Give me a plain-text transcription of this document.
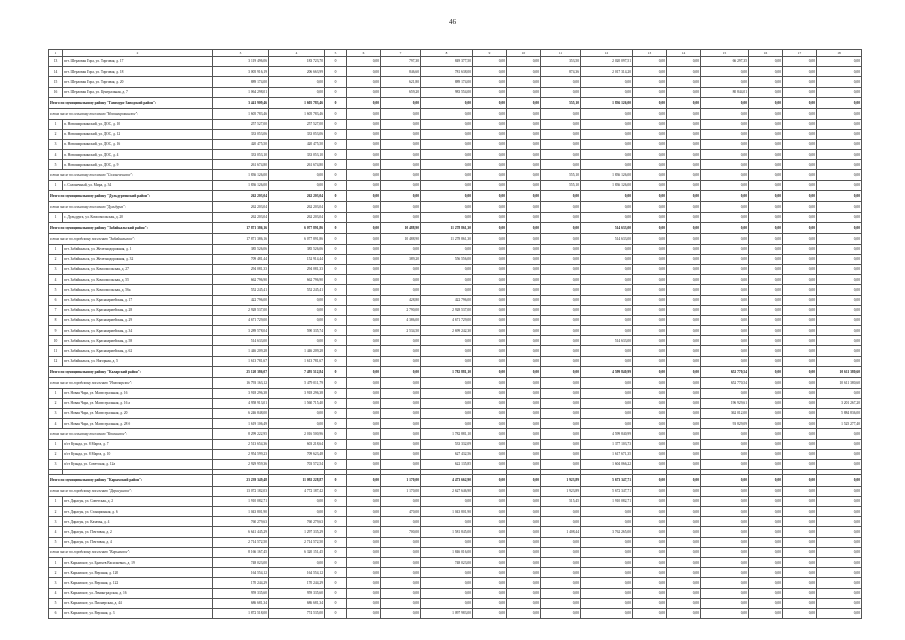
46
1	2	3	4	5	6	7	8	9	10	11	12	13	14	15	16	17	18
13	пгт. Шерловая Гора, ул. Торговая, д. 17	3 119 496,06	183 723,70	0	0,00	797,30	849 377,50	0,00	0,00	353,50	2 020 097,51	0,00	0,00	66 297,35	0,00	0,00	0,00
14	пгт. Шерловая Гора, ул. Торговая, д. 18	3 005 916,19	206 663,99	0	0,00	846,60	781 638,00	0,00	0,00	874,36	2 017 314,20	0,00	0,00	0,00	0,00	0,00	0,00
15	пгт. Шерловая Гора, ул. Торговая, д. 20	889 174,00	0,00	0	0,00	621,80	889 174,00	0,00	0,00	0,00	0,00	0,00	0,00	0,00	0,00	0,00	0,00
16	пгт. Шерловая Гора, ул. Центральная, д. 7	1 064 298,01	0,00	0	0,00	659,20	983 554,00	0,00	0,00	0,00	0,00	0,00	0,00	80 844,01	0,00	0,00	0,00
Итого по муниципальному району "Газимуро-Заводский район":		3 441 909,46	1 605 783,46	0	0,00	0,00	0,00	0,00	0,00	555,10	1 836 126,00	0,00	0,00	0,00	0,00	0,00	0,00
в том числе по сельскому поселению "Новоширокинское":		1 605 783,46	1 605 783,46	0	0,00	0,00	0,00	0,00	0,00	0,00	0,00	0,00	0,00	0,00	0,00	0,00	0,00
1	п. Новоширокинский, ул. ДОС, д. 10	257 527,00	257 527,00	0	0,00	0,00	0,00	0,00	0,00	0,00	0,00	0,00	0,00	0,00	0,00	0,00	0,00
2	п. Новоширокинский, ул. ДОС, д. 12	333 053,06	333 053,06	0	0,00	0,00	0,00	0,00	0,00	0,00	0,00	0,00	0,00	0,00	0,00	0,00	0,00
3	п. Новоширокинский, ул. ДОС, д. 16	420 475,50	420 475,50	0	0,00	0,00	0,00	0,00	0,00	0,00	0,00	0,00	0,00	0,00	0,00	0,00	0,00
4	п. Новоширокинский, ул. ДОС, д. 4	333 053,10	333 053,10	0	0,00	0,00	0,00	0,00	0,00	0,00	0,00	0,00	0,00	0,00	0,00	0,00	0,00
5	п. Новоширокинский, ул. ДОС, д. 9	261 674,80	261 674,80	0	0,00	0,00	0,00	0,00	0,00	0,00	0,00	0,00	0,00	0,00	0,00	0,00	0,00
в том числе по сельскому поселению "Солонеченское":		1 836 126,00	0,00	0	0,00	0,00	0,00	0,00	0,00	555,10	1 836 126,00	0,00	0,00	0,00	0,00	0,00	0,00
1	с. Солонечный, ул. Мира, д. 34	1 836 126,00	0,00	0	0,00	0,00	0,00	0,00	0,00	555,10	1 836 126,00	0,00	0,00	0,00	0,00	0,00	0,00
Итого по муниципальному району "Дульдургинский район":		262 203,04	262 203,04	0	0,00	0,00	0,00	0,00	0,00	0,00	0,00	0,00	0,00	0,00	0,00	0,00	0,00
в том числе по сельскому поселению "Дульдурга":		262 203,04	262 203,04	0	0,00	0,00	0,00	0,00	0,00	0,00	0,00	0,00	0,00	0,00	0,00	0,00	0,00
1	с. Дульдурга, ул. Комсомольская, д. 20	262 203,04	262 203,04	0	0,00	0,00	0,00	0,00	0,00	0,00	0,00	0,00	0,00	0,00	0,00	0,00	0,00
Итого по муниципальному району "Забайкальский район":		17 871 386,16	6 077 891,86	0	0,00	10 488,90	11 278 861,30	0,00	0,00	0,00	514 633,00	0,00	0,00	0,00	0,00	0,00	0,00
в том числе по городскому поселению "Забайкальское":		17 871 386,16	6 077 891,86	0	0,00	10 488,90	11 278 861,30	0,00	0,00	0,00	514 633,00	0,00	0,00	0,00	0,00	0,00	0,00
1	пгт. Забайкальск, ул. Железнодорожная, д. 1	385 526,06	385 526,06	0	0,00	0,00	0,00	0,00	0,00	0,00	0,00	0,00	0,00	0,00	0,00	0,00	0,00
2	пгт. Забайкальск, ул. Железнодорожная, д. 32	709 481,44	152 914,44	0	0,00	389,20	556 556,00	0,00	0,00	0,00	0,00	0,00	0,00	0,00	0,00	0,00	0,00
3	пгт. Забайкальск, ул. Комсомольская, д. 27	294 081,33	294 081,33	0	0,00	0,00	0,00	0,00	0,00	0,00	0,00	0,00	0,00	0,00	0,00	0,00	0,00
4	пгт. Забайкальск, ул. Комсомольская, д. 55	662 796,90	662 796,90	0	0,00	0,00	0,00	0,00	0,00	0,00	0,00	0,00	0,00	0,00	0,00	0,00	0,00
5	пгт. Забайкальск, ул. Комсомольская, д. 56а	552 245,41	552 245,41	0	0,00	0,00	0,00	0,00	0,00	0,00	0,00	0,00	0,00	0,00	0,00	0,00	0,00
6	пгт. Забайкальск, ул. Красноармейская, д. 17	422 796,00	0,00	0	0,00	428,80	422 796,00	0,00	0,00	0,00	0,00	0,00	0,00	0,00	0,00	0,00	0,00
7	пгт. Забайкальск, ул. Красноармейская, д. 28	2 928 537,00	0,00	0	0,00	2 790,00	2 928 537,00	0,00	0,00	0,00	0,00	0,00	0,00	0,00	0,00	0,00	0,00
8	пгт. Забайкальск, ул. Красноармейская, д. 29	4 671 729,00	0,00	0	0,00	4 386,00	4 671 729,00	0,00	0,00	0,00	0,00	0,00	0,00	0,00	0,00	0,00	0,00
9	пгт. Забайкальск, ул. Красноармейская, д. 34	3 289 578,04	590 335,74	0	0,00	2 534,50	2 699 242,30	0,00	0,00	0,00	0,00	0,00	0,00	0,00	0,00	0,00	0,00
10	пгт. Забайкальск, ул. Красноармейская, д. 58	514 633,00	0,00	0	0,00	0,00	0,00	0,00	0,00	0,00	514 633,00	0,00	0,00	0,00	0,00	0,00	0,00
11	пгт. Забайкальск, ул. Красноармейская, д. 62	1 446 209,28	1 446 209,28	0	0,00	0,00	0,00	0,00	0,00	0,00	0,00	0,00	0,00	0,00	0,00	0,00	0,00
12	пгт. Забайкальск, ул. Нагорная, д. 5	1 613 781,67	1 613 781,67	0	0,00	0,00	0,00	0,00	0,00	0,00	0,00	0,00	0,00	0,00	0,00	0,00	0,00
Итого по муниципальному району "Каларский район":		25 120 386,07	7 495 512,84	0	0,00	0,00	1 782 881,10	0,00	0,00	0,00	4 599 840,99	0,00	0,00	652 770,54	0,00	0,00	10 611 380,60
в том числе по городскому поселению "Новочарское":		16 793 163,12	5 479 011,79	0	0,00	0,00	0,00	0,00	0,00	0,00	0,00	0,00	0,00	652 770,54	0,00	0,00	10 611 380,60
1	пгт. Новая Чара, ул. Магистральная, д. 16	3 918 296,38	3 918 296,38	0	0,00	0,00	0,00	0,00	0,00	0,00	0,00	0,00	0,00	0,00	0,00	0,00	0,00
2	пгт. Новая Чара, ул. Магистральная, д. 16 а	4 958 913,01	1 560 715,40	0	0,00	0,00	0,00	0,00	0,00	0,00	0,00	0,00	0,00	196 929,61	0,00	0,00	3 201 267,20
3	пгт. Новая Чара, ул. Магистральная, д. 20	6 246 848,00	0,00	0	0,00	0,00	0,00	0,00	0,00	0,00	0,00	0,00	0,00	362 012,00	0,00	0,00	5 884 836,00
4	пгт. Новая Чара, ул. Магистральная, д. 28 б	1 619 106,49	0,00	0	0,00	0,00	0,00	0,00	0,00	0,00	0,00	0,00	0,00	93 829,09	0,00	0,00	1 525 277,40
в том числе по сельскому поселению "Кюсинское":		8 299 222,95	2 016 500,96	0	0,00	0,00	1 782 881,10	0,00	0,00	0,00	4 599 840,99	0,00	0,00	0,00	0,00	0,00	0,00
1	п/ст Куанда, ул. 8 Марта, д. 7	2 513 654,36	603 218,64	0	0,00	0,00	533 332,09	0,00	0,00	0,00	1 377 103,73	0,00	0,00	0,00	0,00	0,00	0,00
2	п/ст Куанда, ул. 8 Марта, д. 10	2 954 599,23	709 623,48	0	0,00	0,00	627 432,56	0,00	0,00	0,00	1 617 671,35	0,00	0,00	0,00	0,00	0,00	0,00
3	п/ст Куанда, ул. Советская, д. 12а	2 929 959,36	703 572,54	0	0,00	0,00	622 135,85	0,00	0,00	0,00	1 604 066,22	0,00	0,00	0,00	0,00	0,00	0,00

Итого по муниципальному району "Карымский район":		23 239 349,48	11 092 228,87	0	0,00	1 170,00	4 473 662,90	0,00	0,00	1 923,89	5 673 347,71	0,00	0,00	0,00	0,00	0,00	0,00
в том числе по городскому поселению "Дарасунское":		13 072 182,03	4 772 187,42	0	0,00	1 170,00	2 627 646,90	0,00	0,00	1 923,89	5 672 347,71	0,00	0,00	0,00	0,00	0,00	0,00
1	пгт. Дарасун, ул. Советская, д. 2	1 910 082,71	0,00	0	0,00	0,00	0,00	0,00	0,00	515,45	1 910 082,71	0,00	0,00	0,00	0,00	0,00	0,00
2	пгт. Дарасун, ул. Станционная, д. 6	1 043 801,90	0,00	0	0,00	470,00	1 043 801,90	0,00	0,00	0,00	0,00	0,00	0,00	0,00	0,00	0,00	0,00
3	пгт. Дарасун, ул. Казачья, д. 4	760 279,63	760 279,63	0	0,00	0,00	0,00	0,00	0,00	0,00	0,00	0,00	0,00	0,00	0,00	0,00	0,00
4	пгт. Дарасун, ул. Почтовая, д. 2	6 641 445,29	1 297 335,29	0	0,00	700,00	1 581 845,00	0,00	0,00	1 408,44	3 762 265,00	0,00	0,00	0,00	0,00	0,00	0,00
5	пгт. Дарасун, ул. Почтовая, д. 4	2 714 572,50	2 714 572,50	0	0,00	0,00	0,00	0,00	0,00	0,00	0,00	0,00	0,00	0,00	0,00	0,00	0,00
в том числе по городскому поселению "Карымское":		8 166 167,45	6 320 151,45	0	0,00	0,00	1 846 016,00	0,00	0,00	0,00	0,00	0,00	0,00	0,00	0,00	0,00	0,00
1	пгт. Карымское, ул. Братьев Васильевых, д. 19	748 023,00	0,00	0	0,00	0,00	748 023,00	0,00	0,00	0,00	0,00	0,00	0,00	0,00	0,00	0,00	0,00
2	пгт. Карымское, ул. Верхняя, д. 120	164 554,12	164 554,12	0	0,00	0,00	0,00	0,00	0,00	0,00	0,00	0,00	0,00	0,00	0,00	0,00	0,00
3	пгт. Карымское, ул. Верхняя, д. 122	170 244,29	170 244,29	0	0,00	0,00	0,00	0,00	0,00	0,00	0,00	0,00	0,00	0,00	0,00	0,00	0,00
4	пгт. Карымское, ул. Ленинградская, д. 16	959 335,60	959 335,60	0	0,00	0,00	0,00	0,00	0,00	0,00	0,00	0,00	0,00	0,00	0,00	0,00	0,00
5	пгт. Карымское, ул. Пионерская, д. 44	686 681,34	686 681,34	0	0,00	0,00	0,00	0,00	0,00	0,00	0,00	0,00	0,00	0,00	0,00	0,00	0,00
6	пгт. Карымское, ул. Верхняя, д. 3	1 872 518,00	774 535,00	0	0,00	0,00	1 097 983,00	0,00	0,00	0,00	0,00	0,00	0,00	0,00	0,00	0,00	0,00
